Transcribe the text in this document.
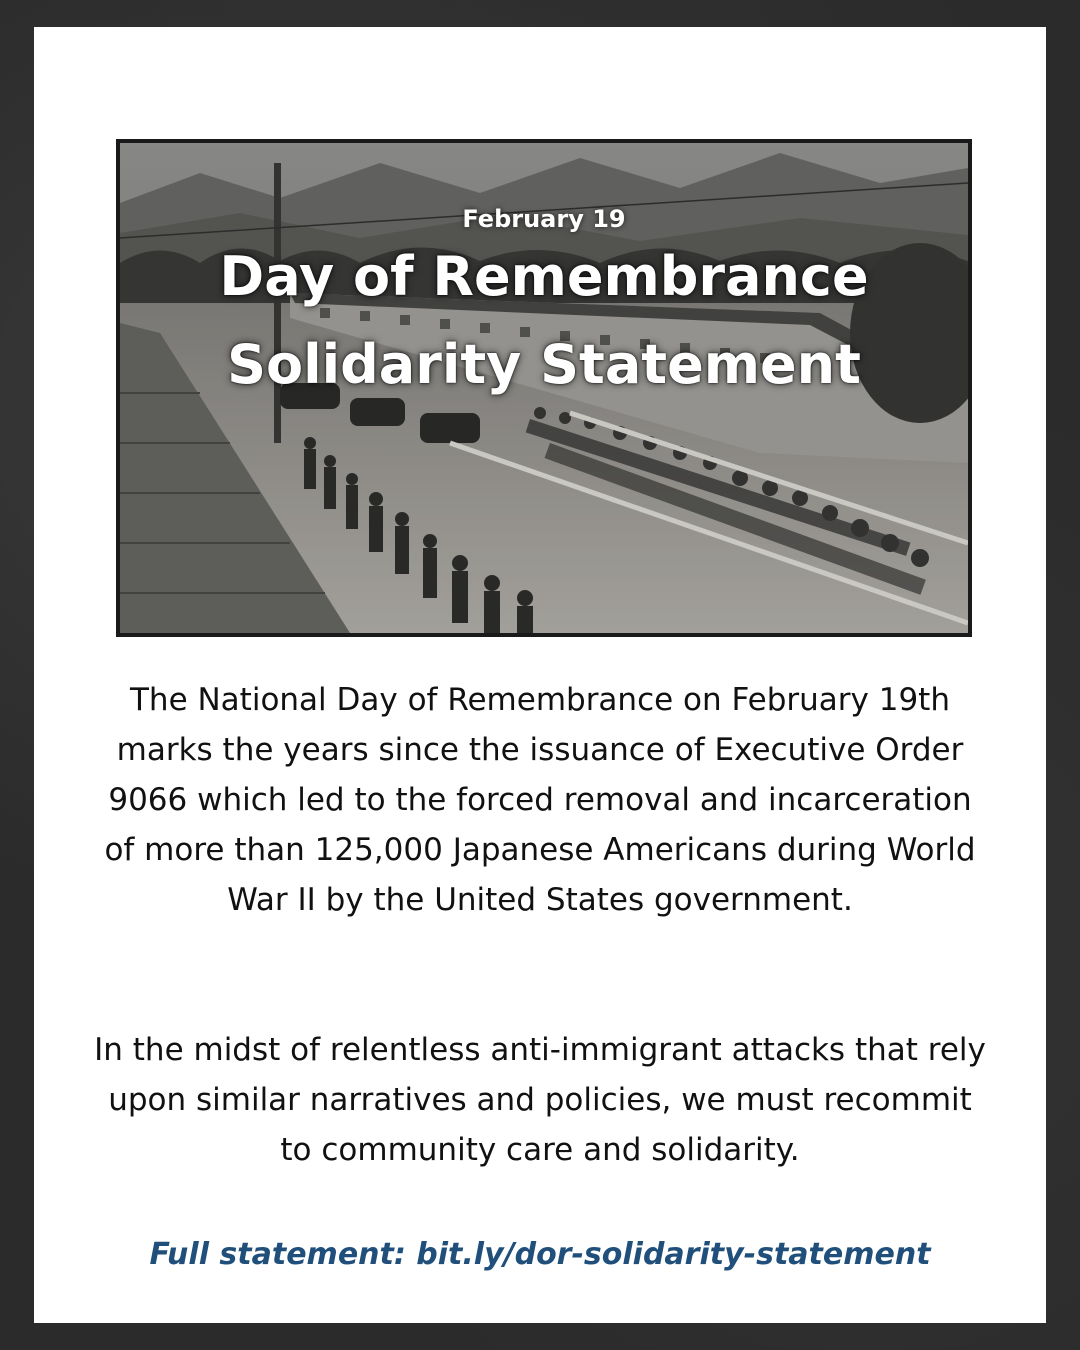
February 19
Day of Remembrance
Solidarity Statement

The National Day of Remembrance on February 19th marks the years since the issuance of Executive Order 9066 which led to the forced removal and incarceration of more than 125,000 Japanese Americans during World War II by the United States government.

In the midst of relentless anti-immigrant attacks that rely upon similar narratives and policies, we must recommit to community care and solidarity.

Full statement: bit.ly/dor-solidarity-statement
